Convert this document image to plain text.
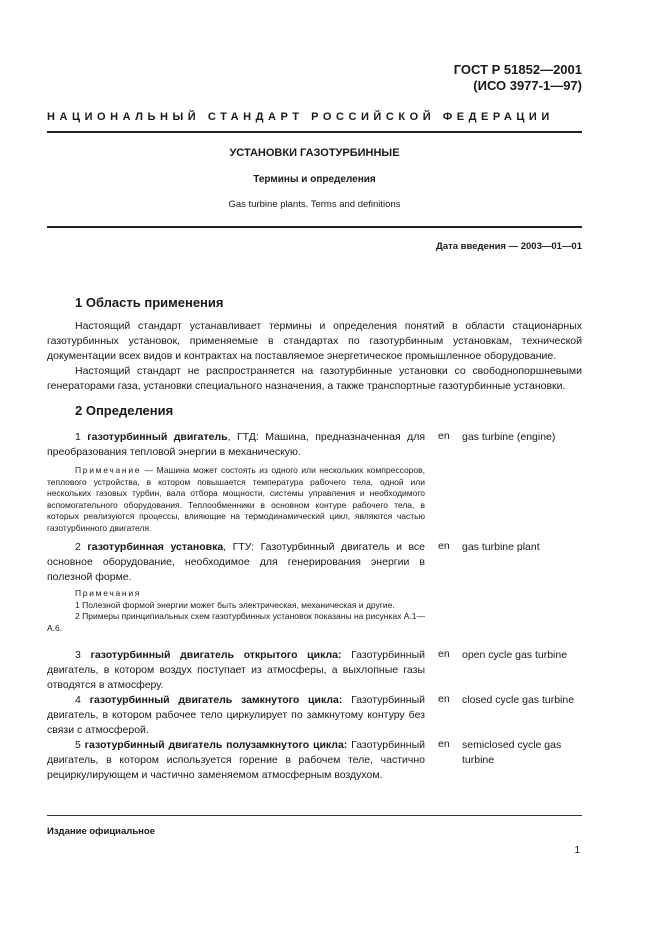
ГОСТ Р 51852—2001
(ИСО 3977-1—97)
НАЦИОНАЛЬНЫЙ СТАНДАРТ РОССИЙСКОЙ ФЕДЕРАЦИИ
УСТАНОВКИ ГАЗОТУРБИННЫЕ
Термины и определения
Gas turbine plants. Terms and definitions
Дата введения — 2003—01—01
1 Область применения

Настоящий стандарт устанавливает термины и определения понятий в области стационарных газотурбинных установок, применяемые в стандартах по газотурбинным установкам, технической документации всех видов и контрактах на поставляемое энергетическое промышленное оборудование.

Настоящий стандарт не распространяется на газотурбинные установки со свободнопоршневыми генераторами газа, установки специального назначения, а также транспортные газотурбинные установки.

2 Определения
1 газотурбинный двигатель, ГТД: Машина, предназначенная для преобразования тепловой энергии в механическую.
en gas turbine (engine)
Примечание — Машина может состоять из одного или нескольких компрессоров, теплового устройства, в котором повышается температура рабочего тела, одной или нескольких газовых турбин, вала отбора мощности, системы управления и необходимого вспомогательного оборудования. Теплообменники в основном контуре рабочего тела, в которых реализуются процессы, влияющие на термодинамический цикл, являются частью газотурбинного двигателя.
2 газотурбинная установка, ГТУ: Газотурбинный двигатель и все основное оборудование, необходимое для генерирования энергии в полезной форме.
en gas turbine plant
Примечания
1 Полезной формой энергии может быть электрическая, механическая и другие.
2 Примеры принципиальных схем газотурбинных установок показаны на рисунках А.1—А.6.
3 газотурбинный двигатель открытого цикла: Газотурбинный двигатель, в котором воздух поступает из атмосферы, а выхлопные газы отводятся в атмосферу.
en open cycle gas turbine
4 газотурбинный двигатель замкнутого цикла: Газотурбинный двигатель, в котором рабочее тело циркулирует по замкнутому контуру без связи с атмосферой.
en closed cycle gas turbine
5 газотурбинный двигатель полузамкнутого цикла: Газотурбинный двигатель, в котором используется горение в рабочем теле, частично рециркулирующем и частично заменяемом атмосферным воздухом.
en semiclosed cycle gas turbine
Издание официальное
1
